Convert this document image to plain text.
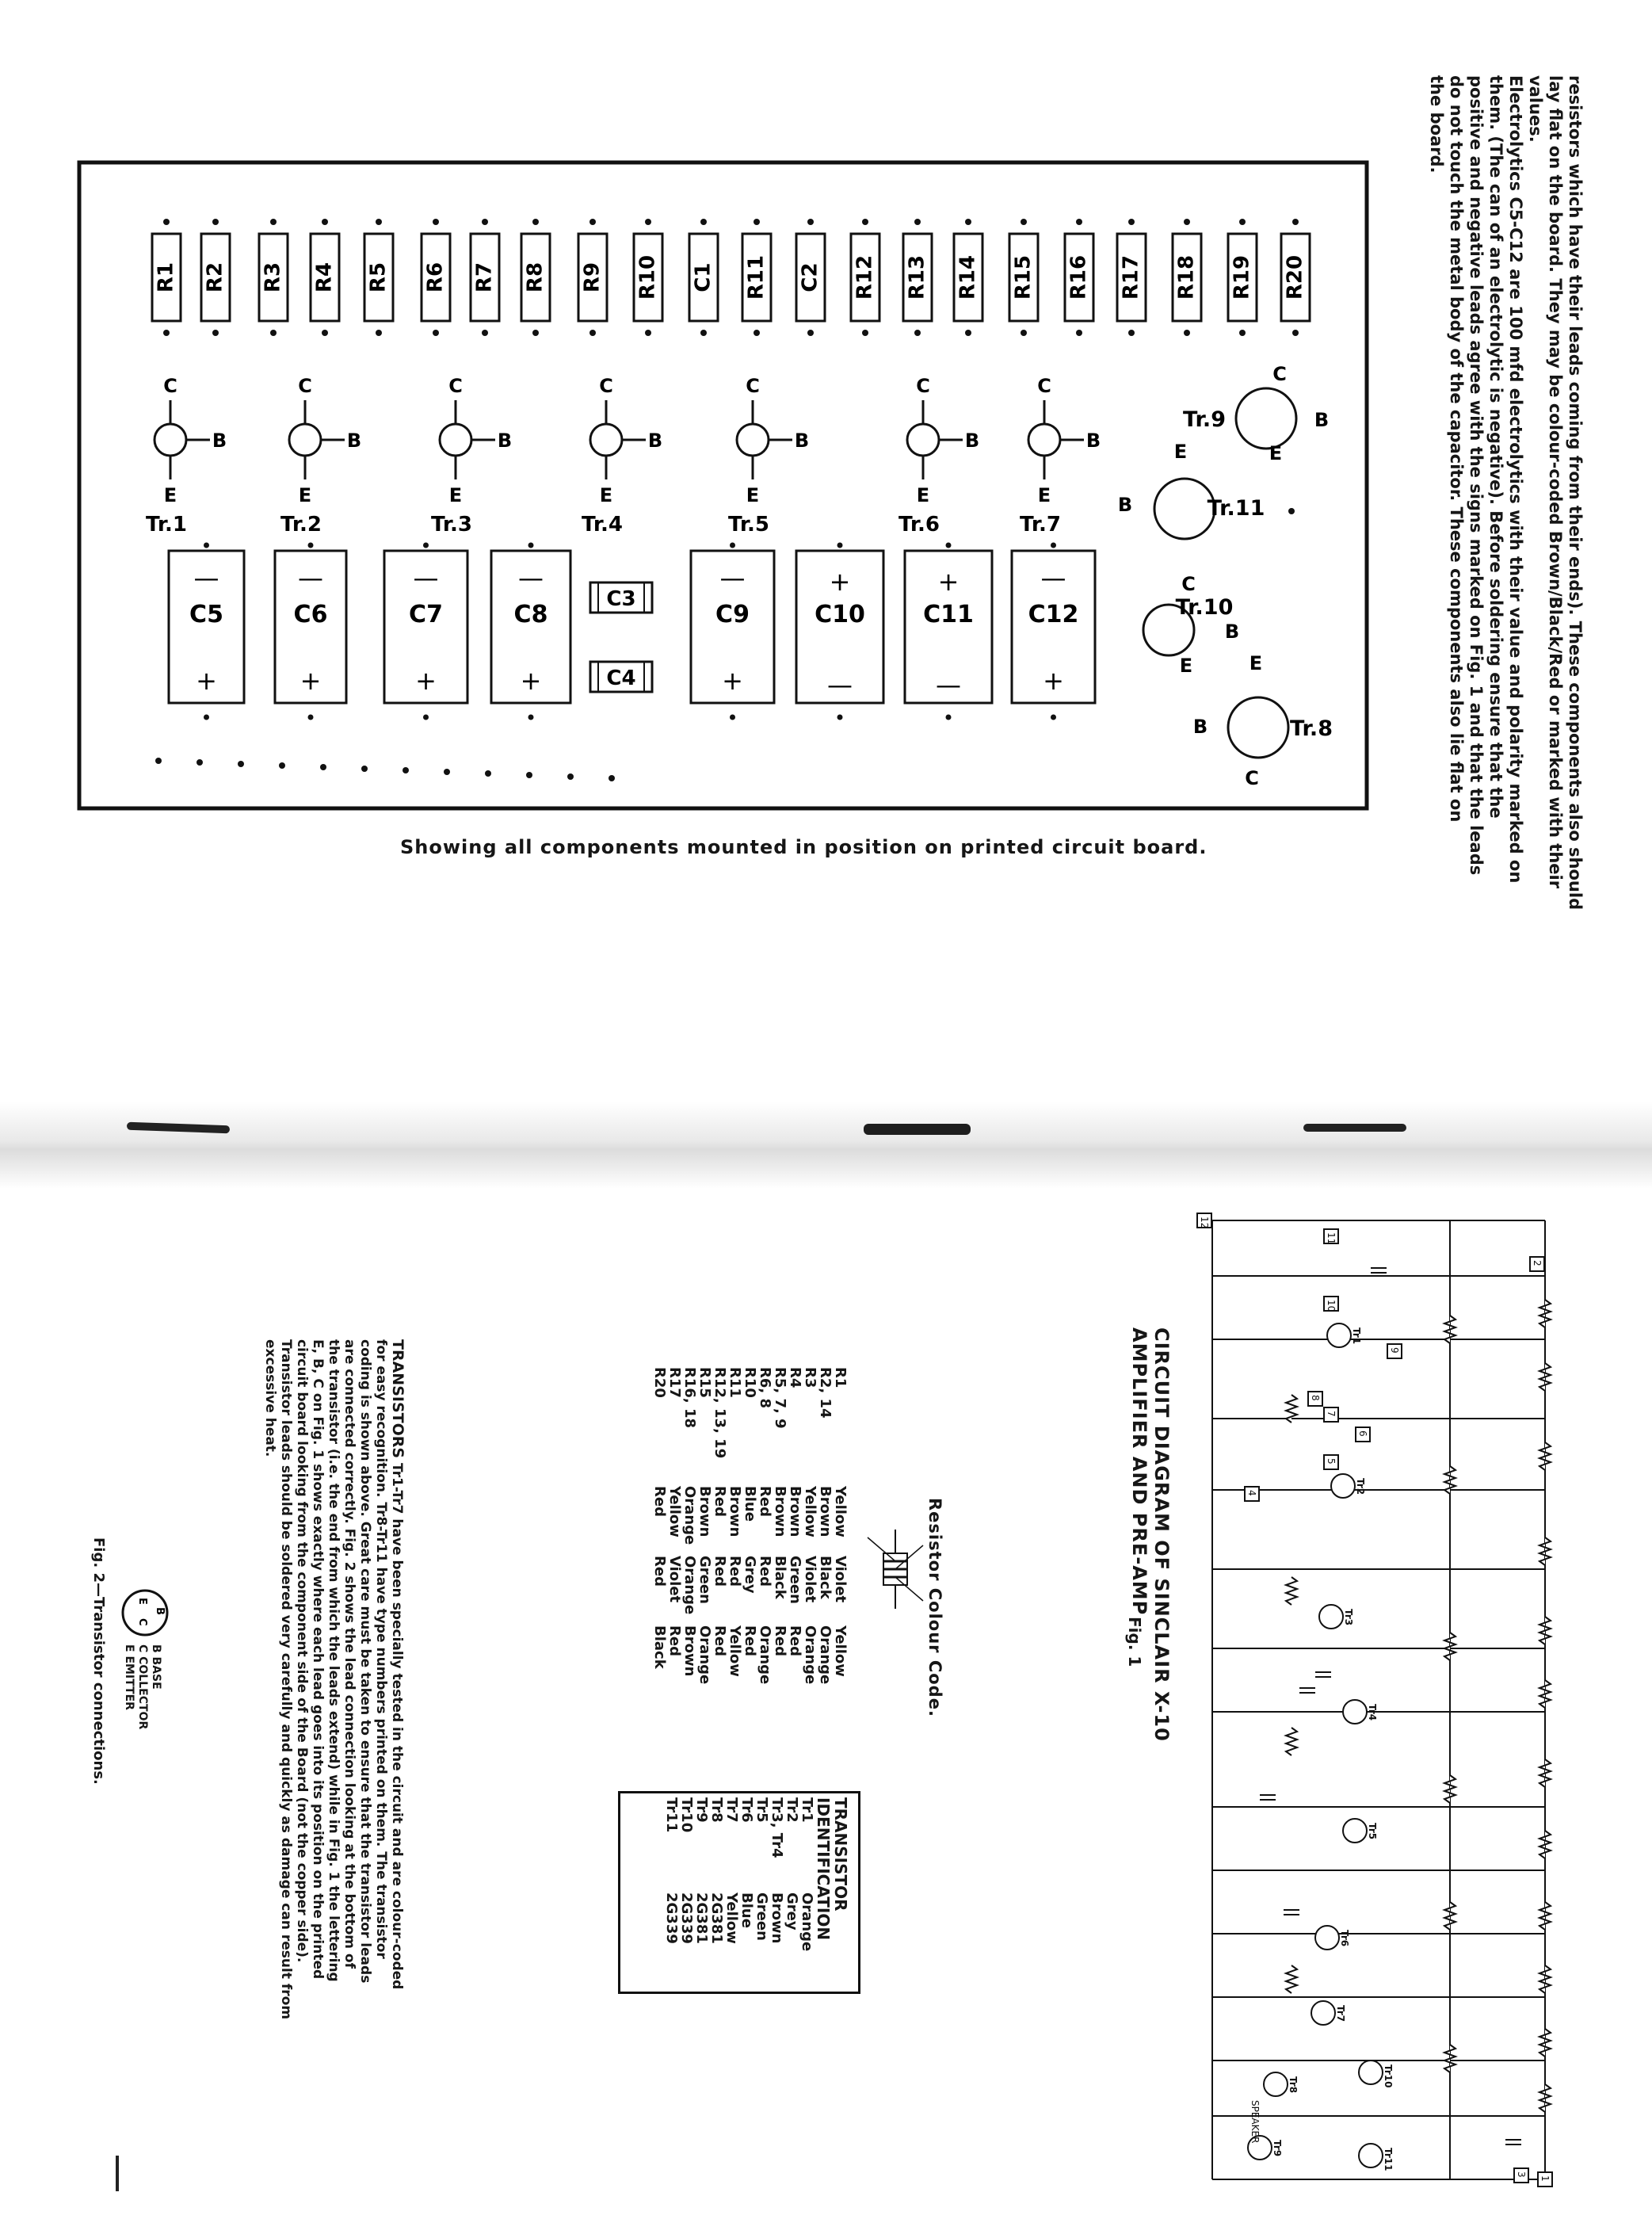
resistors which have their leads coming from their ends). These components also should
lay flat on the board. They may be colour-coded Brown/Black/Red or marked with their
values.
Electrolytics C5-C12 are 100 mfd electrolytics with their value and polarity marked on
them. (The can of an electrolytic is negative). Before soldering ensure that the
positive and negative leads agree with the signs marked on Fig. 1 and that the leads
do not touch the metal body of the capacitor. These components also lie flat on
the board.
R1 R2 R3 R4 R5 R6 R7 R8 R9 R10 C1 R11 C2 R12 R13 R14 R15 R16 R17 R18 R19 R20
C
B
E
Tr.1
C
B
E
Tr.2
C
B
E
Tr.3
C
B
E
Tr.4
C
B
E
Tr.5
C
B
E
Tr.6
C
B
E
Tr.7
Tr.9
C
B
E
Tr.11
B
E
Tr.10
C
B
E
Tr.8
C
B
E
C5
—
+
C6
—
+
C7
—
+
C8
—
+
C3
C4
C9
—
+
C10
+
—
C11
+
—
C12
—
+
Showing all components mounted in position on printed circuit board.
Tr1
Tr2
Tr3
Tr4
Tr5
Tr6
Tr7
Tr8
Tr9
Tr10
Tr11
12
11
10
9
8
7
6
5
4
3
2
1
SPEAKER
CIRCUIT DIAGRAM OF SINCLAIR X-10 AMPLIFIER AND PRE-AMP
Fig. 1
Resistor Colour Code.
R1
Yellow
Violet
Yellow
R2, 14
Brown
Black
Orange
R3
Yellow
Violet
Orange
R4
Brown
Green
Red
R5, 7, 9
Brown
Black
Red
R6, 8
Red
Red
Orange
R10
Blue
Grey
Red
R11
Brown
Red
Yellow
R12, 13, 19
Red
Red
Red
R15
Brown
Green
Orange
R16, 18
Orange
Orange
Brown
R17
Yellow
Violet
Red
R20
Red
Red
Black
TRANSISTOR
IDENTIFICATION
Tr1
Orange
Tr2
Grey
Tr3, Tr4
Brown
Tr5
Green
Tr6
Blue
Tr7
Yellow
Tr8
2G381
Tr9
2G381
Tr10
2G339
Tr11
2G339
TRANSISTORS Tr1-Tr7 have been specially tested in the circuit and are colour-coded
for easy recognition. Tr8-Tr11 have type numbers printed on them. The transistor
coding is shown above. Great care must be taken to ensure that the transistor leads
are connected correctly. Fig. 2 shows the lead connection looking at the bottom of
the transistor (i.e. the end from which the leads extend) while in Fig. 1 the lettering
E, B, C on Fig. 1 shows exactly where each lead goes into its position on the printed
circuit board looking from the component side of the Board (not the copper side).
Transistor leads should be soldered very carefully and quickly as damage can result from
excessive heat.
B
E
C
B BASE
C COLLECTOR
E EMITTER
Fig. 2—Transistor connections.
